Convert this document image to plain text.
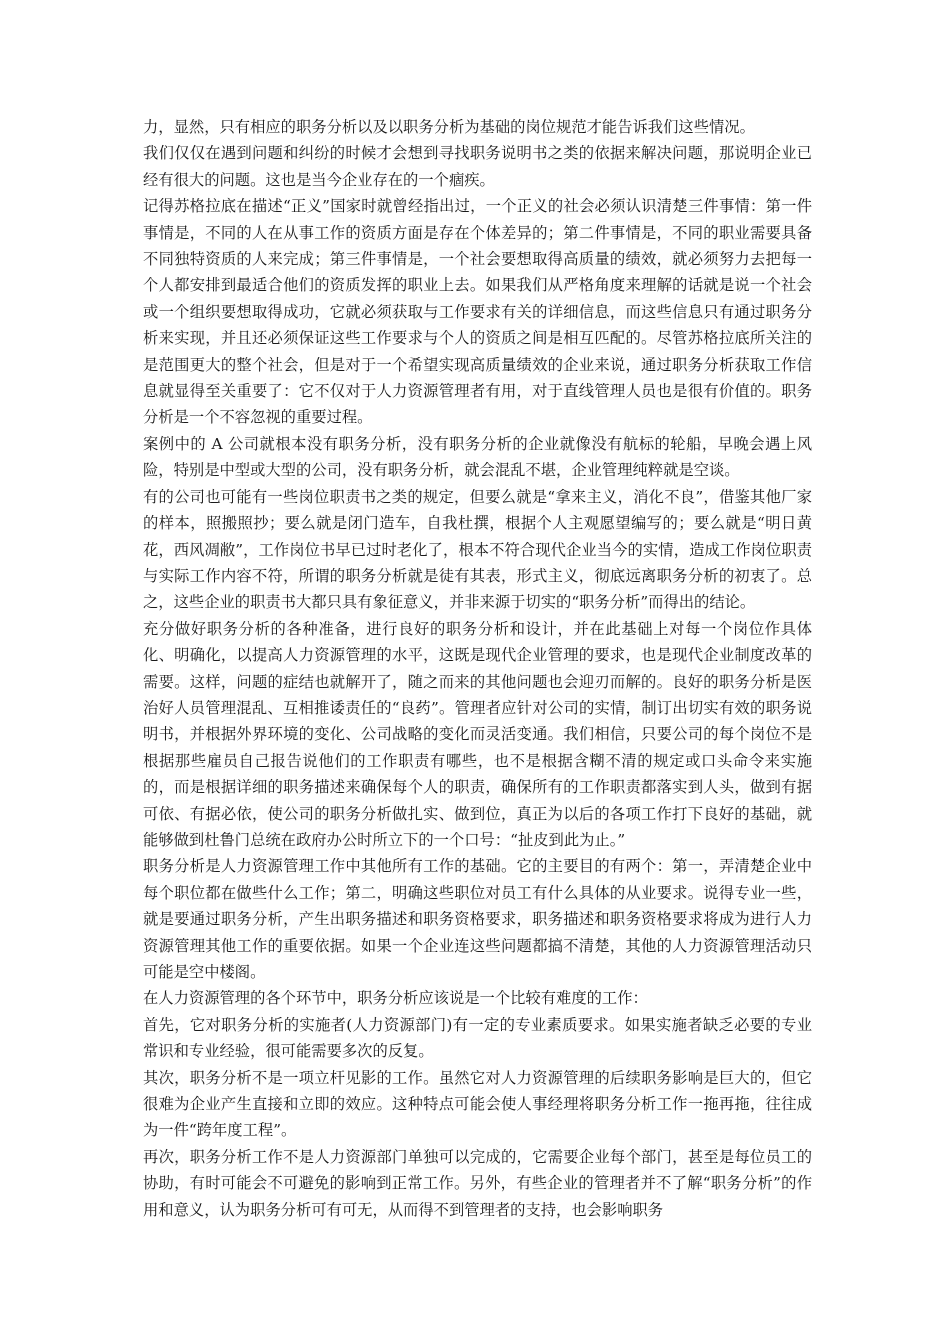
力，显然，只有相应的职务分析以及以职务分析为基础的岗位规范才能告诉我们这些情况。

我们仅仅在遇到问题和纠纷的时候才会想到寻找职务说明书之类的依据来解决问题，那说明企业已经有很大的问题。这也是当今企业存在的一个痼疾。

记得苏格拉底在描述“正义”国家时就曾经指出过，一个正义的社会必须认识清楚三件事情：第一件事情是，不同的人在从事工作的资质方面是存在个体差异的；第二件事情是，不同的职业需要具备不同独特资质的人来完成；第三件事情是，一个社会要想取得高质量的绩效，就必须努力去把每一个人都安排到最适合他们的资质发挥的职业上去。如果我们从严格角度来理解的话就是说一个社会或一个组织要想取得成功，它就必须获取与工作要求有关的详细信息，而这些信息只有通过职务分析来实现，并且还必须保证这些工作要求与个人的资质之间是相互匹配的。尽管苏格拉底所关注的是范围更大的整个社会，但是对于一个希望实现高质量绩效的企业来说，通过职务分析获取工作信息就显得至关重要了：它不仅对于人力资源管理者有用，对于直线管理人员也是很有价值的。职务分析是一个不容忽视的重要过程。

案例中的 A 公司就根本没有职务分析，没有职务分析的企业就像没有航标的轮船，早晚会遇上风险，特别是中型或大型的公司，没有职务分析，就会混乱不堪，企业管理纯粹就是空谈。

有的公司也可能有一些岗位职责书之类的规定，但要么就是“拿来主义，消化不良”，借鉴其他厂家的样本，照搬照抄；要么就是闭门造车，自我杜撰，根据个人主观愿望编写的；要么就是“明日黄花，西风凋敝”，工作岗位书早已过时老化了，根本不符合现代企业当今的实情，造成工作岗位职责与实际工作内容不符，所谓的职务分析就是徒有其表，形式主义，彻底远离职务分析的初衷了。总之，这些企业的职责书大都只具有象征意义，并非来源于切实的“职务分析”而得出的结论。

充分做好职务分析的各种准备，进行良好的职务分析和设计，并在此基础上对每一个岗位作具体化、明确化，以提高人力资源管理的水平，这既是现代企业管理的要求，也是现代企业制度改革的需要。这样，问题的症结也就解开了，随之而来的其他问题也会迎刃而解的。良好的职务分析是医治好人员管理混乱、互相推诿责任的“良药”。管理者应针对公司的实情，制订出切实有效的职务说明书，并根据外界环境的变化、公司战略的变化而灵活变通。我们相信，只要公司的每个岗位不是根据那些雇员自己报告说他们的工作职责有哪些，也不是根据含糊不清的规定或口头命令来实施的，而是根据详细的职务描述来确保每个人的职责，确保所有的工作职责都落实到人头，做到有据可依、有据必依，使公司的职务分析做扎实、做到位，真正为以后的各项工作打下良好的基础，就能够做到杜鲁门总统在政府办公时所立下的一个口号：“扯皮到此为止。”

职务分析是人力资源管理工作中其他所有工作的基础。它的主要目的有两个：第一，弄清楚企业中每个职位都在做些什么工作；第二，明确这些职位对员工有什么具体的从业要求。说得专业一些，就是要通过职务分析，产生出职务描述和职务资格要求，职务描述和职务资格要求将成为进行人力资源管理其他工作的重要依据。如果一个企业连这些问题都搞不清楚，其他的人力资源管理活动只可能是空中楼阁。

在人力资源管理的各个环节中，职务分析应该说是一个比较有难度的工作：

首先，它对职务分析的实施者(人力资源部门)有一定的专业素质要求。如果实施者缺乏必要的专业常识和专业经验，很可能需要多次的反复。

其次，职务分析不是一项立杆见影的工作。虽然它对人力资源管理的后续职务影响是巨大的，但它很难为企业产生直接和立即的效应。这种特点可能会使人事经理将职务分析工作一拖再拖，往往成为一件“跨年度工程”。

再次，职务分析工作不是人力资源部门单独可以完成的，它需要企业每个部门，甚至是每位员工的协助，有时可能会不可避免的影响到正常工作。另外，有些企业的管理者并不了解“职务分析”的作用和意义，认为职务分析可有可无，从而得不到管理者的支持，也会影响职务
